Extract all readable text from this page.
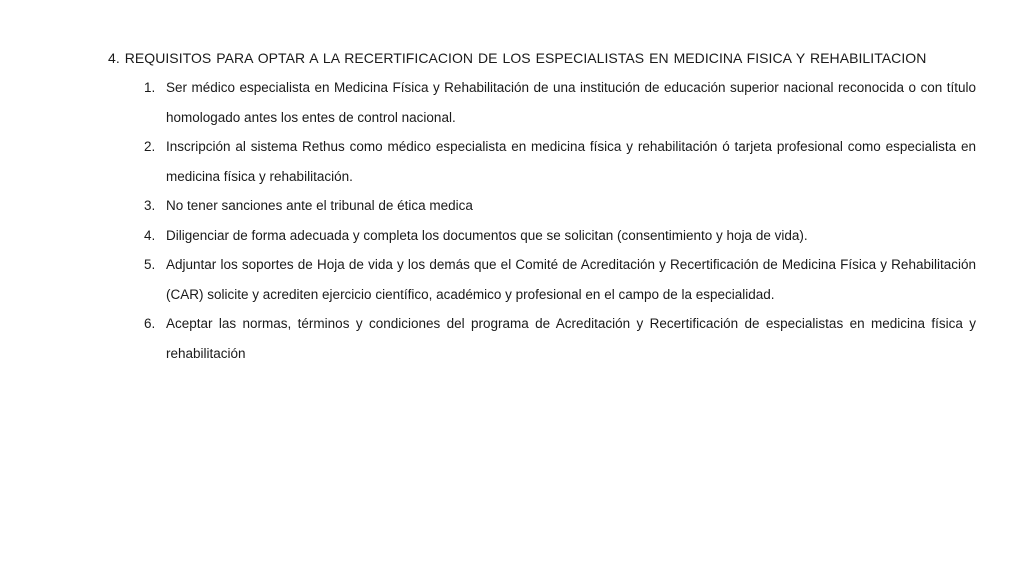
4. REQUISITOS PARA OPTAR A LA RECERTIFICACION DE LOS ESPECIALISTAS EN MEDICINA FISICA Y REHABILITACION
1. Ser médico especialista en Medicina Física y Rehabilitación de una institución de educación superior nacional reconocida o con título homologado antes los entes de control nacional.
2. Inscripción al sistema Rethus como médico especialista en medicina física y rehabilitación ó tarjeta profesional como especialista en medicina física y rehabilitación.
3. No tener sanciones ante el tribunal de ética medica
4. Diligenciar de forma adecuada y completa los documentos que se solicitan (consentimiento y hoja de vida).
5. Adjuntar los soportes de Hoja de vida y los demás que el Comité de Acreditación y Recertificación de Medicina Física y Rehabilitación (CAR) solicite y acrediten ejercicio científico, académico y profesional en el campo de la especialidad.
6. Aceptar las normas, términos y condiciones del programa de Acreditación y Recertificación de especialistas en medicina física y rehabilitación
